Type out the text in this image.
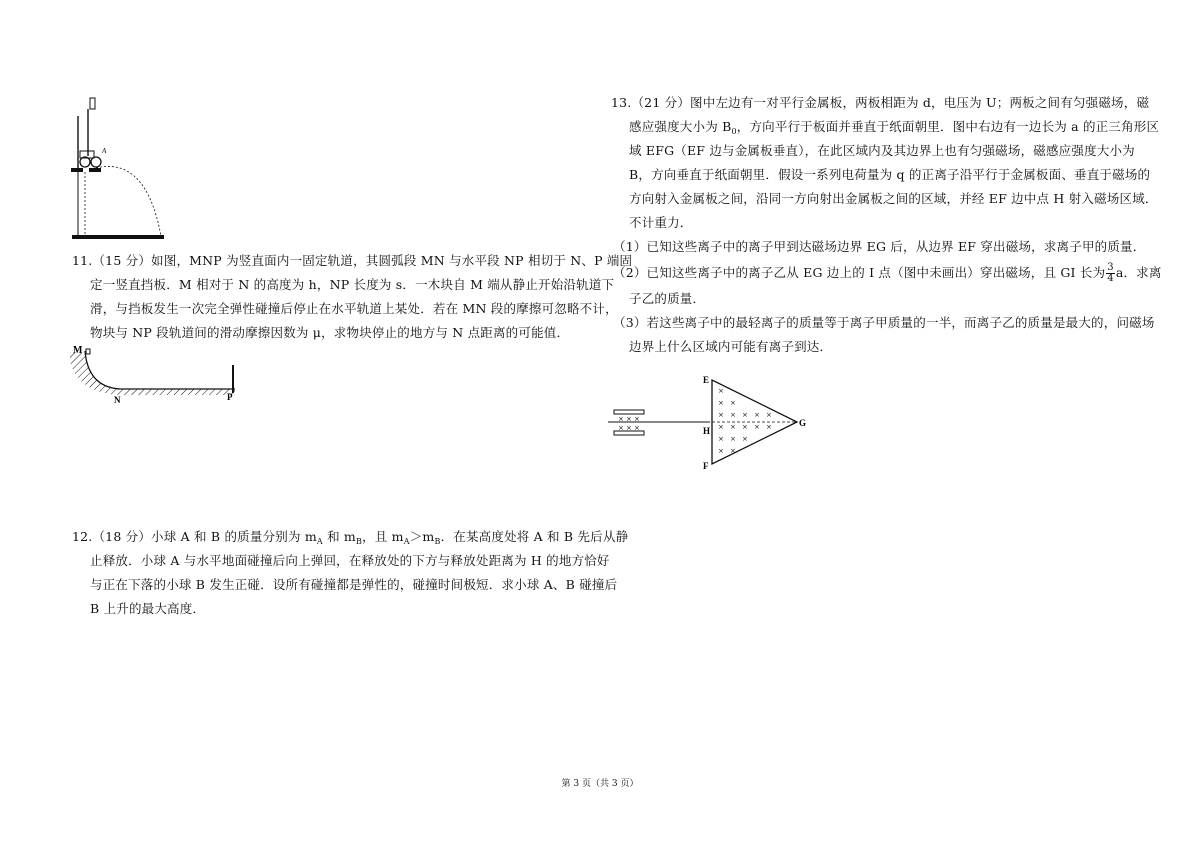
A
11.（15 分）如图，MNP 为竖直面内一固定轨道，其圆弧段 MN 与水平段 NP 相切于 N、P 端固
定一竖直挡板．M 相对于 N 的高度为 h，NP 长度为 s．一木块自 M 端从静止开始沿轨道下
滑，与挡板发生一次完全弹性碰撞后停止在水平轨道上某处．若在 MN 段的摩擦可忽略不计，
物块与 NP 段轨道间的滑动摩擦因数为 μ，求物块停止的地方与 N 点距离的可能值．
M
N	P
12.（18 分）小球 A 和 B 的质量分别为 $m_A$ 和 $m_B$，且 $m_A>m_B$．在某高度处将 A 和 B 先后从静
止释放．小球 A 与水平地面碰撞后向上弹回，在释放处的下方与释放处距离为 H 的地方恰好
与正在下落的小球 B 发生正碰．设所有碰撞都是弹性的，碰撞时间极短．求小球 A、B 碰撞后
B 上升的最大高度．
13.（21 分）图中左边有一对平行金属板，两板相距为 d，电压为 U；两板之间有匀强磁场，磁
感应强度大小为 $B_0$，方向平行于板面并垂直于纸面朝里．图中右边有一边长为 a 的正三角形区
域 EFG（EF 边与金属板垂直），在此区域内及其边界上也有匀强磁场，磁感应强度大小为
B，方向垂直于纸面朝里．假设一系列电荷量为 q 的正离子沿平行于金属板面、垂直于磁场的
方向射入金属板之间，沿同一方向射出金属板之间的区域，并经 EF 边中点 H 射入磁场区域．
不计重力．
（1）已知这些离子中的离子甲到达磁场边界 EG 后，从边界 EF 穿出磁场，求离子甲的质量．
（2）已知这些离子中的离子乙从 EG 边上的 I 点（图中未画出）穿出磁场，且 GI 长为 $\frac{3}{4}$ a．求离
子乙的质量．
（3）若这些离子中的最轻离子的质量等于离子甲质量的一半，而离子乙的质量是最大的，问磁场
边界上什么区域内可能有离子到达．
× × ×
× × ×
×
× ×
× × × × ×
× × × × ×
× × ×
× ×
E
H
F
G
第 3 页（共 3 页）
